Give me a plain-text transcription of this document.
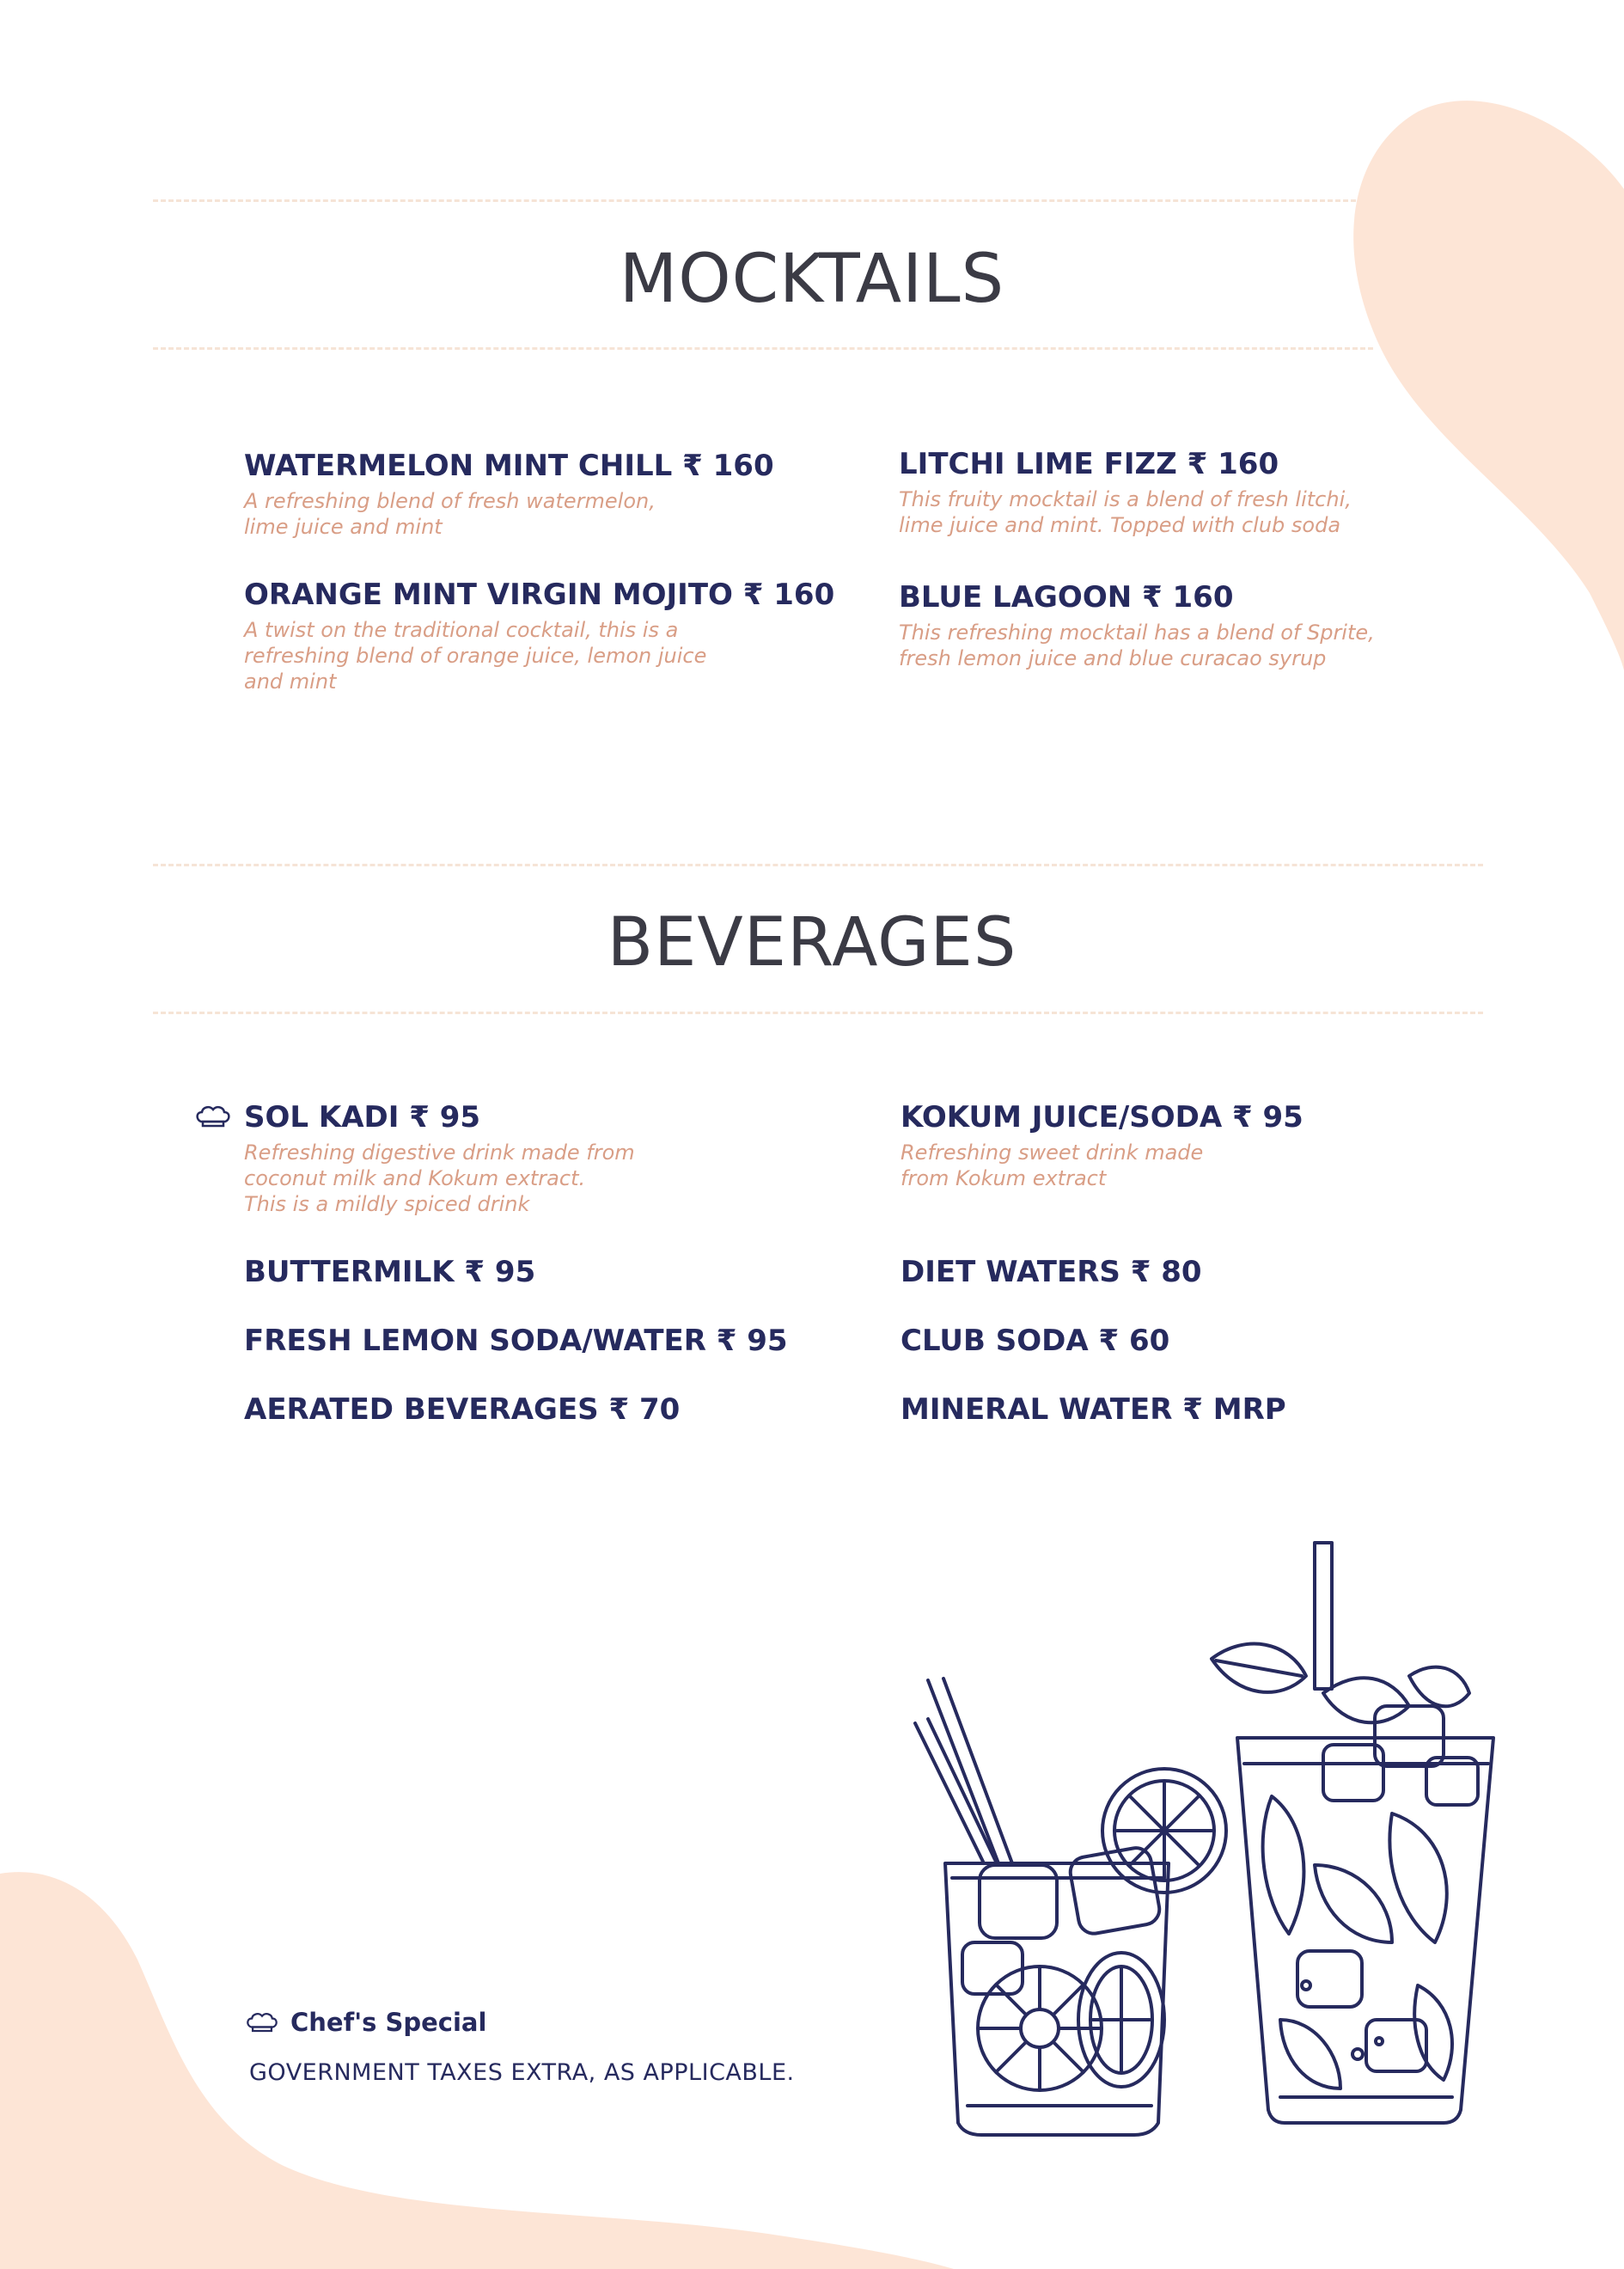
MOCKTAILS
WATERMELON MINT CHILL ₹ 160
A refreshing blend of fresh watermelon,
lime juice and mint
ORANGE MINT VIRGIN MOJITO ₹ 160
A twist on the traditional cocktail, this is a
refreshing blend of orange juice, lemon juice
and mint
LITCHI LIME FIZZ ₹ 160
This fruity mocktail is a blend of fresh litchi,
lime juice and mint. Topped with club soda
BLUE LAGOON ₹ 160
This refreshing mocktail has a blend of Sprite,
fresh lemon juice and blue curacao syrup
BEVERAGES
SOL KADI ₹ 95
Refreshing digestive drink made from
coconut milk and Kokum extract.
This is a mildly spiced drink
BUTTERMILK ₹ 95
FRESH LEMON SODA/WATER ₹ 95
AERATED BEVERAGES ₹ 70
KOKUM JUICE/SODA ₹ 95
Refreshing sweet drink made
from Kokum extract
DIET WATERS ₹ 80
CLUB SODA ₹ 60
MINERAL WATER ₹ MRP
Chef's Special
GOVERNMENT TAXES EXTRA, AS APPLICABLE.
